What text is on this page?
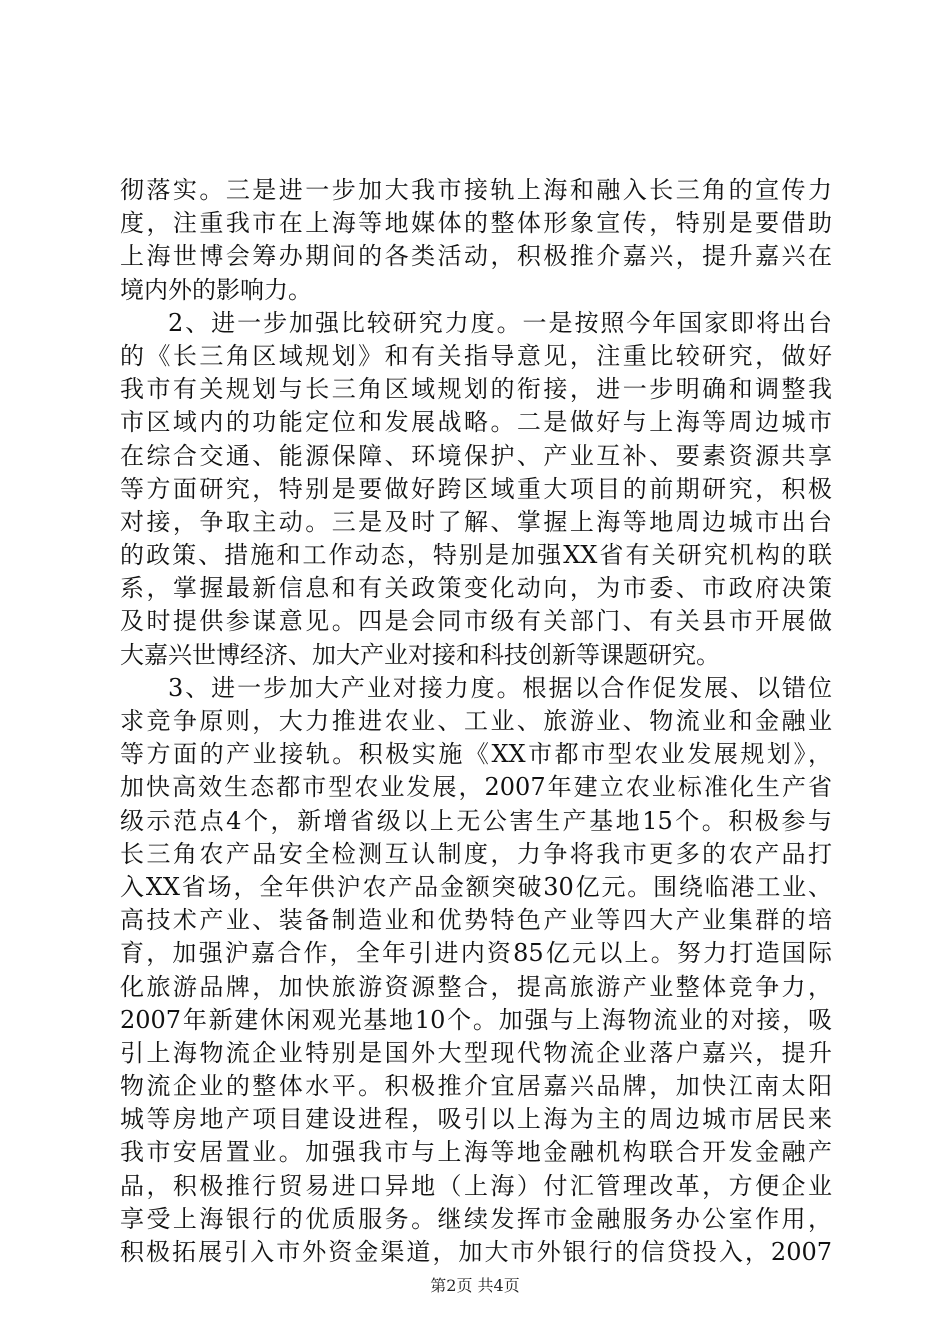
彻落实。三是进一步加大我市接轨上海和融入长三角的宣传力
度，注重我市在上海等地媒体的整体形象宣传，特别是要借助
上海世博会筹办期间的各类活动，积极推介嘉兴，提升嘉兴在
境内外的影响力。
2、进一步加强比较研究力度。一是按照今年国家即将出台
的《长三角区域规划》和有关指导意见，注重比较研究，做好
我市有关规划与长三角区域规划的衔接，进一步明确和调整我
市区域内的功能定位和发展战略。二是做好与上海等周边城市
在综合交通、能源保障、环境保护、产业互补、要素资源共享
等方面研究，特别是要做好跨区域重大项目的前期研究，积极
对接，争取主动。三是及时了解、掌握上海等地周边城市出台
的政策、措施和工作动态，特别是加强XX省有关研究机构的联
系，掌握最新信息和有关政策变化动向，为市委、市政府决策
及时提供参谋意见。四是会同市级有关部门、有关县市开展做
大嘉兴世博经济、加大产业对接和科技创新等课题研究。
3、进一步加大产业对接力度。根据以合作促发展、以错位
求竞争原则，大力推进农业、工业、旅游业、物流业和金融业
等方面的产业接轨。积极实施《XX市都市型农业发展规划》，
加快高效生态都市型农业发展，2007年建立农业标准化生产省
级示范点4个，新增省级以上无公害生产基地15个。积极参与
长三角农产品安全检测互认制度，力争将我市更多的农产品打
入XX省场，全年供沪农产品金额突破30亿元。围绕临港工业、
高技术产业、装备制造业和优势特色产业等四大产业集群的培
育，加强沪嘉合作，全年引进内资85亿元以上。努力打造国际
化旅游品牌，加快旅游资源整合，提高旅游产业整体竞争力，
2007年新建休闲观光基地10个。加强与上海物流业的对接，吸
引上海物流企业特别是国外大型现代物流企业落户嘉兴，提升
物流企业的整体水平。积极推介宜居嘉兴品牌，加快江南太阳
城等房地产项目建设进程，吸引以上海为主的周边城市居民来
我市安居置业。加强我市与上海等地金融机构联合开发金融产
品，积极推行贸易进口异地（上海）付汇管理改革，方便企业
享受上海银行的优质服务。继续发挥市金融服务办公室作用，
积极拓展引入市外资金渠道，加大市外银行的信贷投入，2007
第2页 共4页
